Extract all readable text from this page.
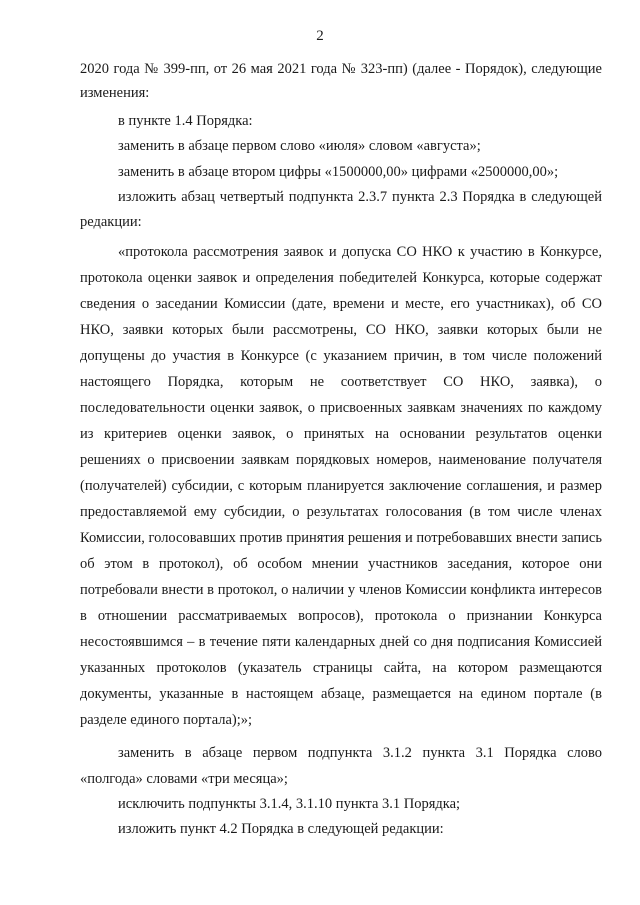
2

2020 года № 399-пп, от 26 мая 2021 года № 323-пп) (далее - Порядок), следующие изменения:

в пункте 1.4 Порядка:

заменить в абзаце первом слово «июля» словом «августа»;

заменить в абзаце втором цифры «1500000,00» цифрами «2500000,00»;

изложить абзац четвертый подпункта 2.3.7 пункта 2.3 Порядка в следующей редакции:

«протокола рассмотрения заявок и допуска СО НКО к участию в Конкурсе, протокола оценки заявок и определения победителей Конкурса, которые содержат сведения о заседании Комиссии (дате, времени и месте, его участниках), об СО НКО, заявки которых были рассмотрены, СО НКО, заявки которых были не допущены до участия в Конкурсе (с указанием причин, в том числе положений настоящего Порядка, которым не соответствует СО НКО, заявка), о последовательности оценки заявок, о присвоенных заявкам значениях по каждому из критериев оценки заявок, о принятых на основании результатов оценки решениях о присвоении заявкам порядковых номеров, наименование получателя (получателей) субсидии, с которым планируется заключение соглашения, и размер предоставляемой ему субсидии, о результатах голосования (в том числе членах Комиссии, голосовавших против принятия решения и потребовавших внести запись об этом в протокол), об особом мнении участников заседания, которое они потребовали внести в протокол, о наличии у членов Комиссии конфликта интересов в отношении рассматриваемых вопросов), протокола о признании Конкурса несостоявшимся – в течение пяти календарных дней со дня подписания Комиссией указанных протоколов (указатель страницы сайта, на котором размещаются документы, указанные в настоящем абзаце, размещается на едином портале (в разделе единого портала);»;

заменить в абзаце первом подпункта 3.1.2 пункта 3.1 Порядка слово «полгода» словами «три месяца»;

исключить подпункты 3.1.4, 3.1.10 пункта 3.1 Порядка;

изложить пункт 4.2 Порядка в следующей редакции:
